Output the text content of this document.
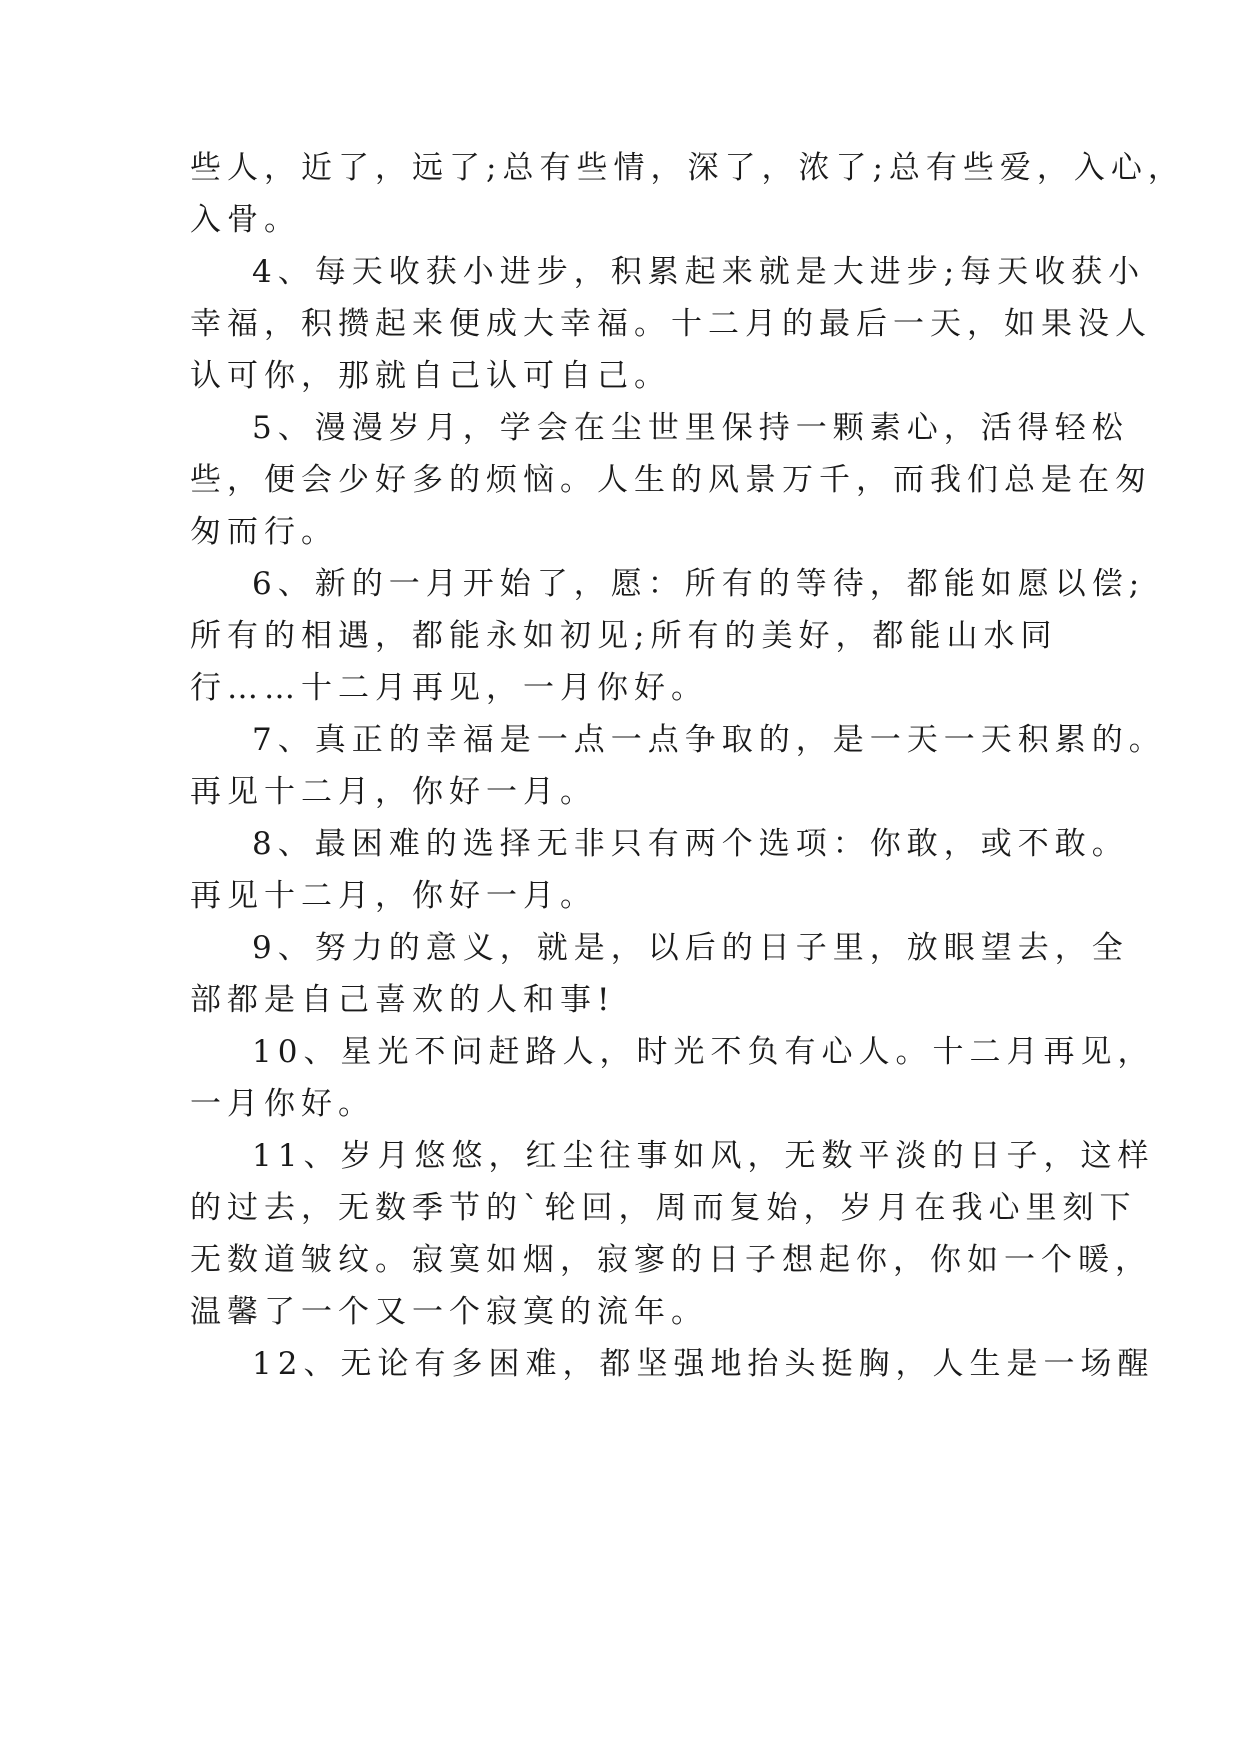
些人，近了，远了;总有些情，深了，浓了;总有些爱，入心，
入骨。
4、每天收获小进步，积累起来就是大进步;每天收获小
幸福，积攒起来便成大幸福。十二月的最后一天，如果没人
认可你，那就自己认可自己。
5、漫漫岁月，学会在尘世里保持一颗素心，活得轻松
些，便会少好多的烦恼。人生的风景万千，而我们总是在匆
匆而行。
6、新的一月开始了，愿：所有的等待，都能如愿以偿;
所有的相遇，都能永如初见;所有的美好，都能山水同
行……十二月再见，一月你好。
7、真正的幸福是一点一点争取的，是一天一天积累的。
再见十二月，你好一月。
8、最困难的选择无非只有两个选项：你敢，或不敢。
再见十二月，你好一月。
9、努力的意义，就是，以后的日子里，放眼望去，全
部都是自己喜欢的人和事!
10、星光不问赶路人，时光不负有心人。十二月再见，
一月你好。
11、岁月悠悠，红尘往事如风，无数平淡的日子，这样
的过去，无数季节的`轮回，周而复始，岁月在我心里刻下
无数道皱纹。寂寞如烟，寂寥的日子想起你，你如一个暖，
温馨了一个又一个寂寞的流年。
12、无论有多困难，都坚强地抬头挺胸，人生是一场醒
